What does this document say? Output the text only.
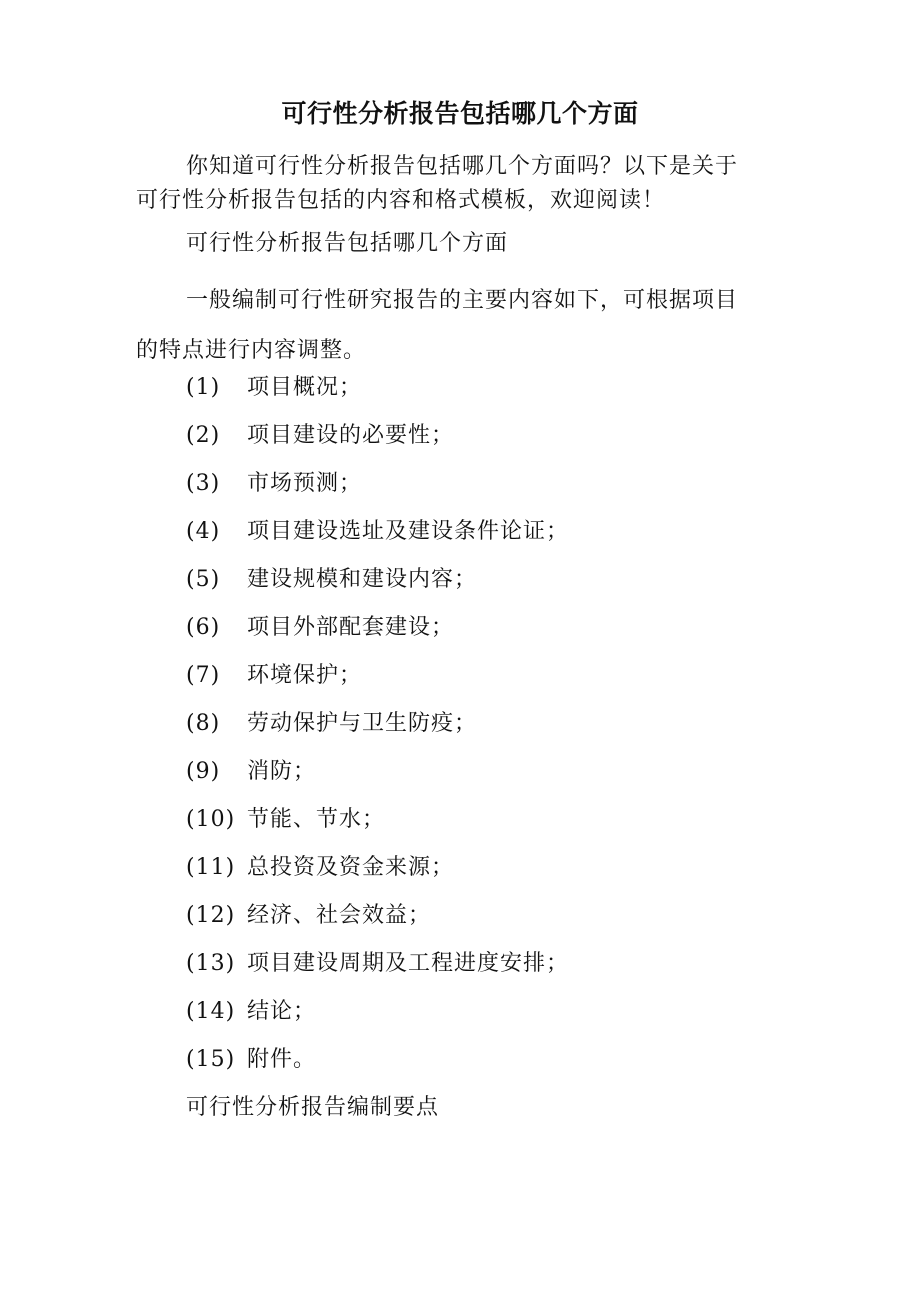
可行性分析报告包括哪几个方面
你知道可行性分析报告包括哪几个方面吗？以下是关于
可行性分析报告包括的内容和格式模板，欢迎阅读！
可行性分析报告包括哪几个方面
一般编制可行性研究报告的主要内容如下，可根据项目
的特点进行内容调整。
(1) 项目概况；
(2) 项目建设的必要性；
(3) 市场预测；
(4) 项目建设选址及建设条件论证；
(5) 建设规模和建设内容；
(6) 项目外部配套建设；
(7) 环境保护；
(8) 劳动保护与卫生防疫；
(9) 消防；
(10) 节能、节水；
(11) 总投资及资金来源；
(12) 经济、社会效益；
(13) 项目建设周期及工程进度安排；
(14) 结论；
(15) 附件。
可行性分析报告编制要点
